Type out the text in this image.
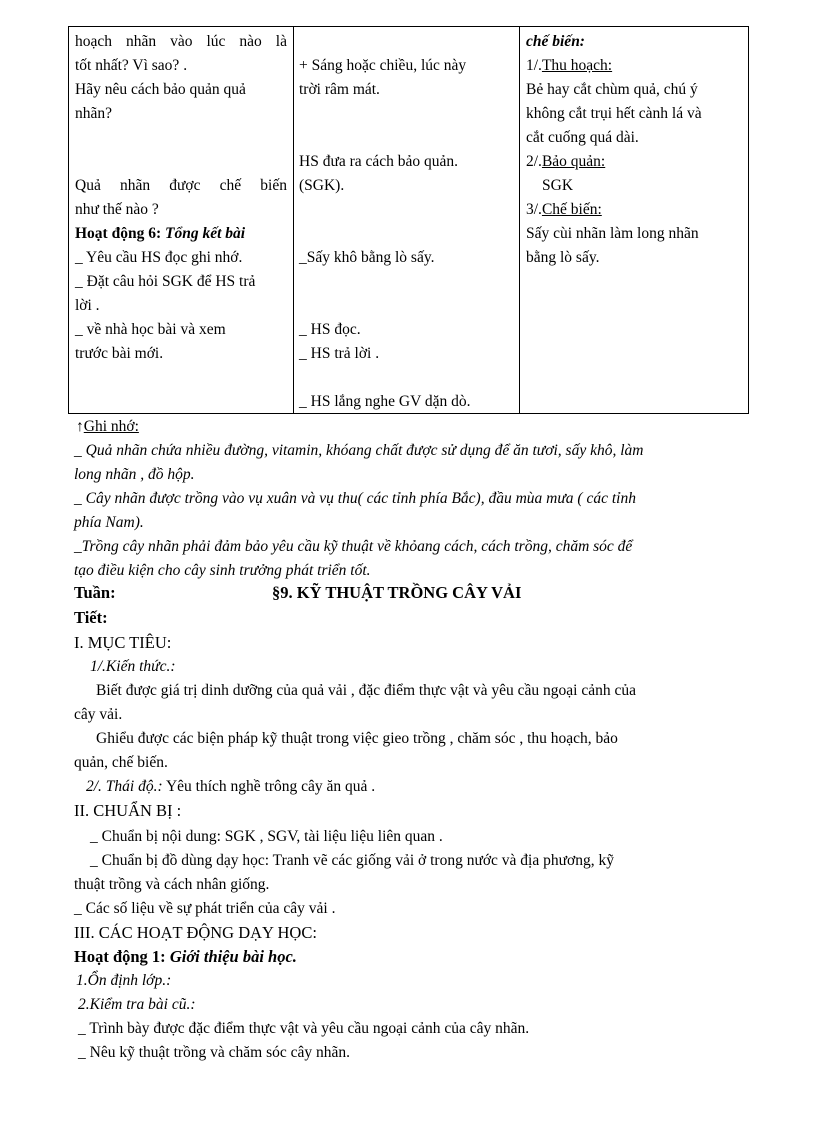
hoạch nhãn vào lúc nào là
tốt nhất? Vì sao? .
Hãy nêu cách bảo quản quả
nhãn?
Quả nhãn được chế biến
như thế nào ?
Hoạt động 6: Tổng kết bài
_ Yêu cầu HS đọc ghi nhớ.
_ Đặt câu hỏi SGK để HS trả
lời .
_ về nhà học bài và xem
trước bài mới.
+ Sáng hoặc chiều, lúc này
trời râm mát.
HS đưa ra cách bảo quản.
(SGK).
_Sấy khô bằng lò sấy.
_ HS đọc.
_ HS trả lời .
_ HS lắng nghe GV dặn dò.
chế biến:
1/.Thu hoạch:
Bẻ hay cắt chùm quả, chú ý
không cắt trụi hết cành lá và
cắt cuống quá dài.
2/.Bảo quản:
SGK
3/.Chế biến:
Sấy cùi nhãn làm long nhãn
bằng lò sấy.
↑Ghi nhớ:
_ Quả nhãn chứa nhiều đường, vitamin, khóang chất được sử dụng để ăn tươi, sấy khô, làm
long nhãn , đồ hộp.
_ Cây nhãn được trồng vào vụ xuân và vụ thu( các tỉnh phía Bắc), đầu mùa mưa ( các tỉnh
phía Nam).
_Trồng cây nhãn phải đảm bảo yêu cầu kỹ thuật về khỏang cách, cách trồng, chăm sóc để
tạo điều kiện cho cây sinh trưởng phát triển tốt.
Tuần:	§9. KỸ THUẬT TRỒNG CÂY VẢI
Tiết:
I. MỤC TIÊU:
1/.Kiến thức.:
Biết được giá trị dinh dưỡng của quả vải , đặc điểm thực vật và yêu cầu ngoại cảnh của
cây vải.
Ghiểu được các biện pháp kỹ thuật trong việc gieo trồng , chăm sóc , thu hoạch, bảo
quản, chế biến.
2/. Thái độ.: Yêu thích nghề trông cây ăn quả .
II. CHUẨN BỊ :
_ Chuẩn bị nội dung: SGK , SGV, tài liệu liệu liên quan .
_ Chuẩn bị đồ dùng dạy học: Tranh vẽ các giống vải ở trong nước và địa phương, kỹ
thuật trồng và cách nhân giống.
_ Các số liệu về sự phát triển của cây vải .
III. CÁC HOẠT ĐỘNG DẠY HỌC:
Hoạt động 1: Giới thiệu bài học.
1.Ổn định lớp.:
2.Kiểm tra bài cũ.:
_ Trình bày được đặc điểm thực vật và yêu cầu ngoại cảnh của cây nhãn.
_ Nêu kỹ thuật trồng và chăm sóc cây nhãn.
